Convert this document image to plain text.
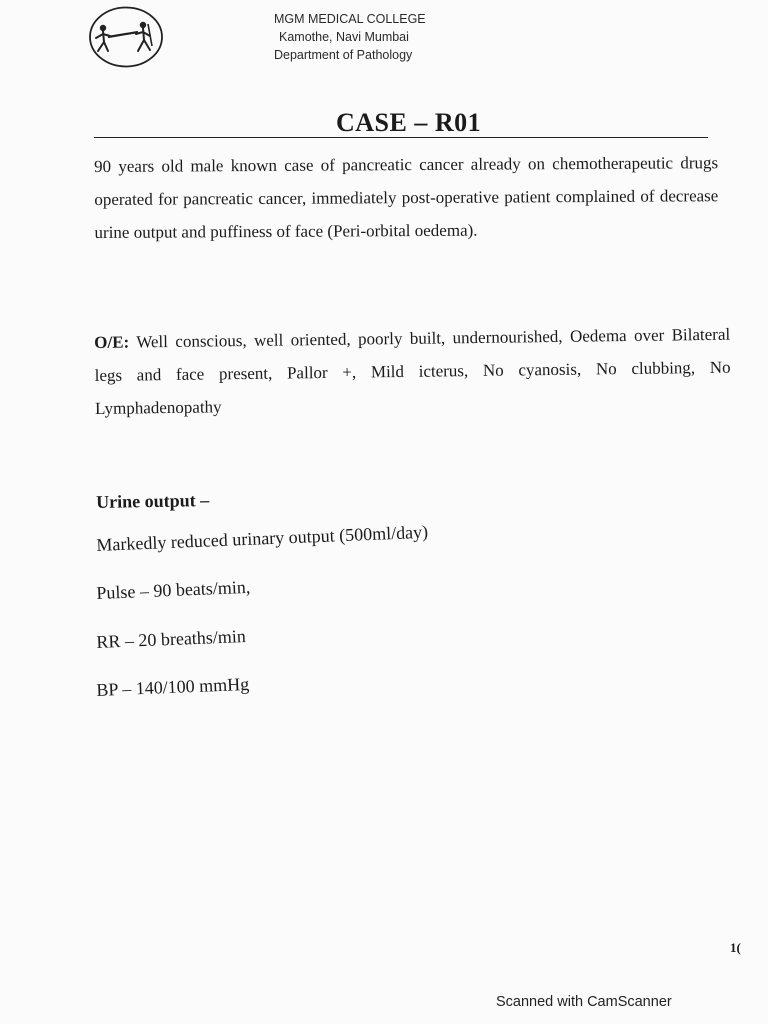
MGM MEDICAL COLLEGE
Kamothe, Navi Mumbai
Department of Pathology
CASE – R01
90 years old male known case of pancreatic cancer already on chemotherapeutic drugs operated for pancreatic cancer, immediately post-operative patient complained of decrease urine output and puffiness of face (Peri-orbital oedema).
O/E: Well conscious, well oriented, poorly built, undernourished, Oedema over Bilateral legs and face present, Pallor +, Mild icterus, No cyanosis, No clubbing, No Lymphadenopathy
Urine output –
Markedly reduced urinary output (500ml/day)
Pulse – 90 beats/min,
RR – 20 breaths/min
BP – 140/100 mmHg
1(
Scanned with CamScanner
